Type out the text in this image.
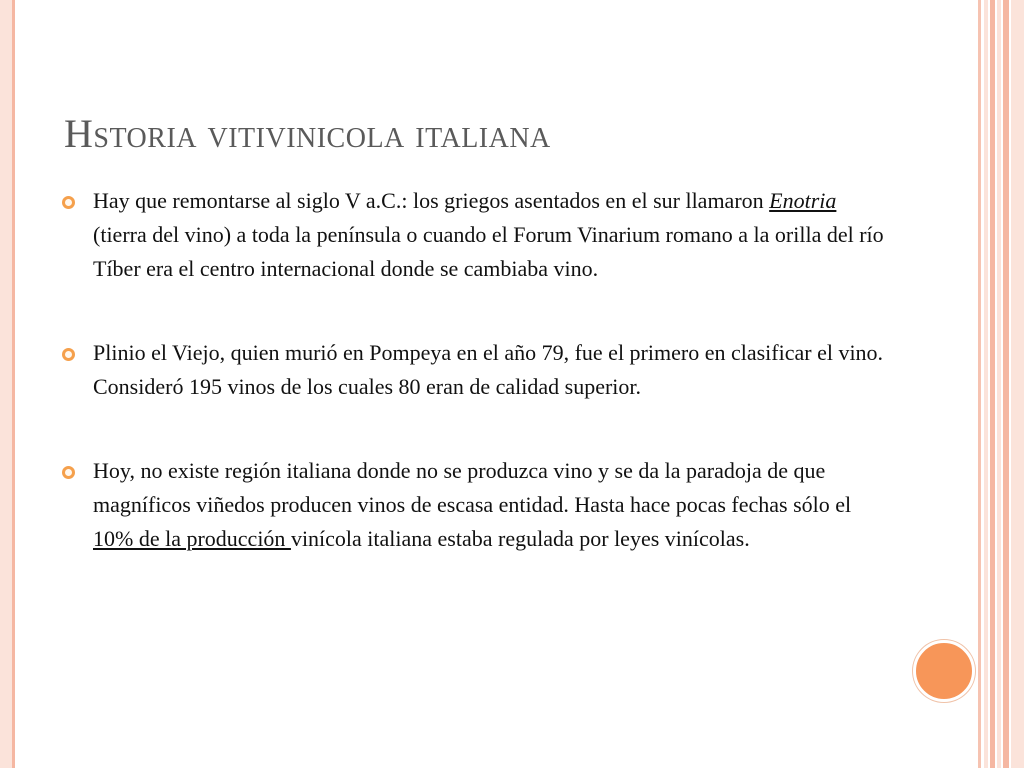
Hstoria vitivinicola italiana
Hay que remontarse al siglo V a.C.: los griegos asentados en el sur llamaron Enotria (tierra del vino) a toda la península o cuando el Forum Vinarium romano a la orilla del río Tíber era el centro internacional donde se cambiaba vino.
Plinio el Viejo, quien murió en Pompeya en el año 79, fue el primero en clasificar el vino. Consideró 195 vinos de los cuales 80 eran de calidad superior.
Hoy, no existe región italiana donde no se produzca vino y se da la paradoja de que magníficos viñedos producen vinos de escasa entidad. Hasta hace pocas fechas sólo el 10% de la producción vinícola italiana estaba regulada por leyes vinícolas.
